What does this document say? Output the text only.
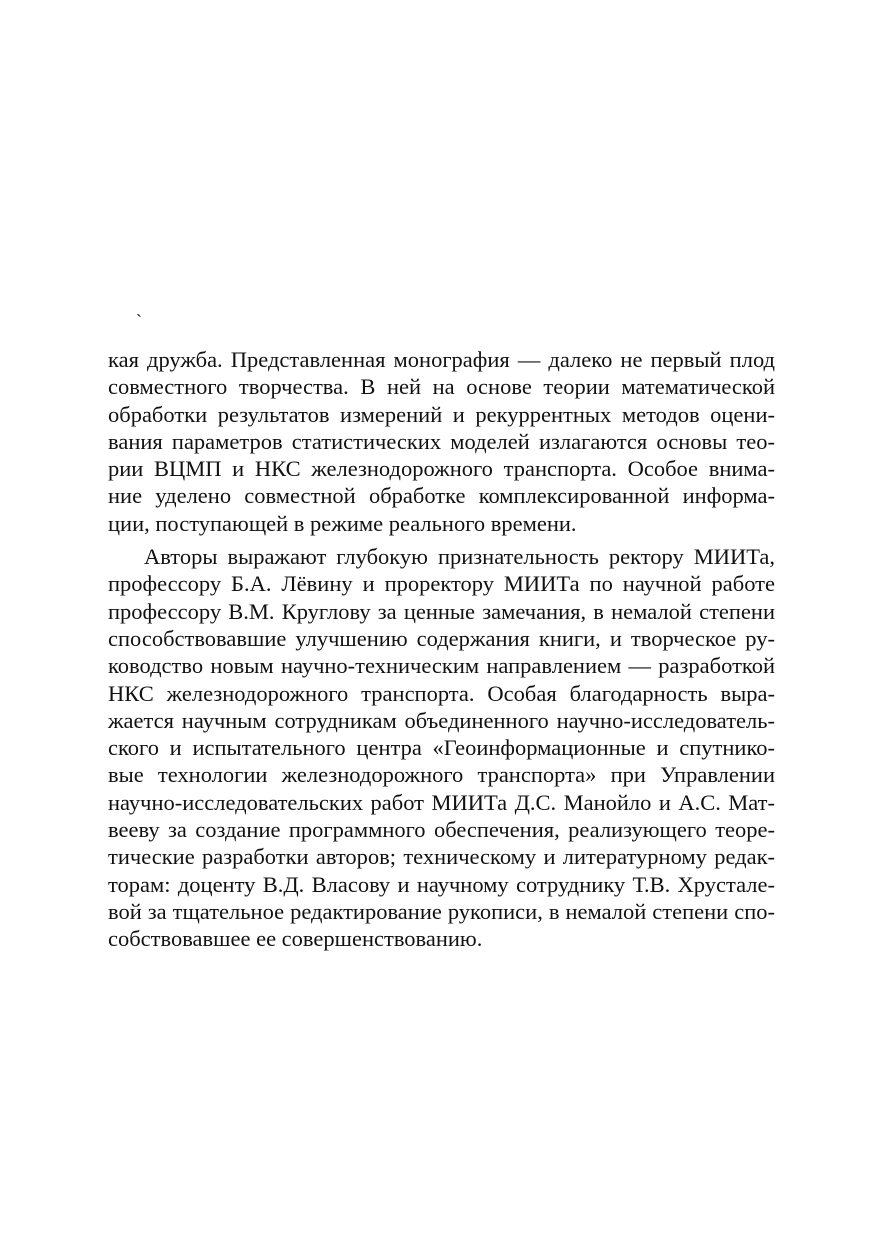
`
кая дружба. Представленная монография — далеко не первый плод
совместного творчества. В ней на основе теории математической
обработки результатов измерений и рекуррентных методов оцени-
вания параметров статистических моделей излагаются основы тео-
рии ВЦМП и НКС железнодорожного транспорта. Особое внима-
ние уделено совместной обработке комплексированной информа-
ции, поступающей в режиме реального времени.
Авторы выражают глубокую признательность ректору МИИТа,
профессору Б.А. Лёвину и проректору МИИТа по научной работе
профессору В.М. Круглову за ценные замечания, в немалой степени
способствовавшие улучшению содержания книги, и творческое ру-
ководство новым научно-техническим направлением — разработкой
НКС железнодорожного транспорта. Особая благодарность выра-
жается научным сотрудникам объединенного научно-исследователь-
ского и испытательного центра «Геоинформационные и спутнико-
вые технологии железнодорожного транспорта» при Управлении
научно-исследовательских работ МИИТа Д.С. Манойло и А.С. Мат-
вееву за создание программного обеспечения, реализующего теоре-
тические разработки авторов; техническому и литературному редак-
торам: доценту В.Д. Власову и научному сотруднику Т.В. Хрустале-
вой за тщательное редактирование рукописи, в немалой степени спо-
собствовавшее ее совершенствованию.
